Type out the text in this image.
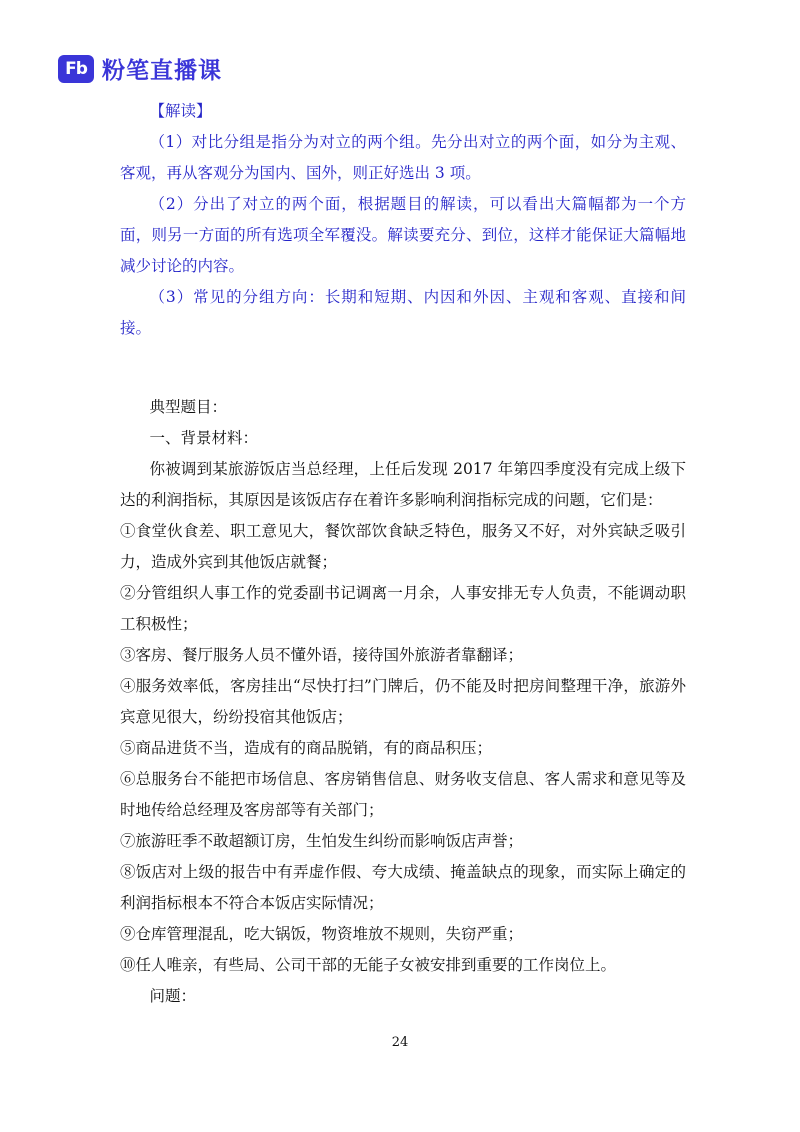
Fb 粉笔直播课

【解读】

（1）对比分组是指分为对立的两个组。先分出对立的两个面，如分为主观、客观，再从客观分为国内、国外，则正好选出 3 项。

（2）分出了对立的两个面，根据题目的解读，可以看出大篇幅都为一个方面，则另一方面的所有选项全军覆没。解读要充分、到位，这样才能保证大篇幅地减少讨论的内容。

（3）常见的分组方向：长期和短期、内因和外因、主观和客观、直接和间接。

典型题目：

一、背景材料：

你被调到某旅游饭店当总经理，上任后发现 2017 年第四季度没有完成上级下达的利润指标，其原因是该饭店存在着许多影响利润指标完成的问题，它们是：

①食堂伙食差、职工意见大，餐饮部饮食缺乏特色，服务又不好，对外宾缺乏吸引力，造成外宾到其他饭店就餐；

②分管组织人事工作的党委副书记调离一月余，人事安排无专人负责，不能调动职工积极性；

③客房、餐厅服务人员不懂外语，接待国外旅游者靠翻译；

④服务效率低，客房挂出“尽快打扫”门牌后，仍不能及时把房间整理干净，旅游外宾意见很大，纷纷投宿其他饭店；

⑤商品进货不当，造成有的商品脱销，有的商品积压；

⑥总服务台不能把市场信息、客房销售信息、财务收支信息、客人需求和意见等及时地传给总经理及客房部等有关部门；

⑦旅游旺季不敢超额订房，生怕发生纠纷而影响饭店声誉；

⑧饭店对上级的报告中有弄虚作假、夸大成绩、掩盖缺点的现象，而实际上确定的利润指标根本不符合本饭店实际情况；

⑨仓库管理混乱，吃大锅饭，物资堆放不规则，失窃严重；

⑩任人唯亲，有些局、公司干部的无能子女被安排到重要的工作岗位上。

问题：

24
